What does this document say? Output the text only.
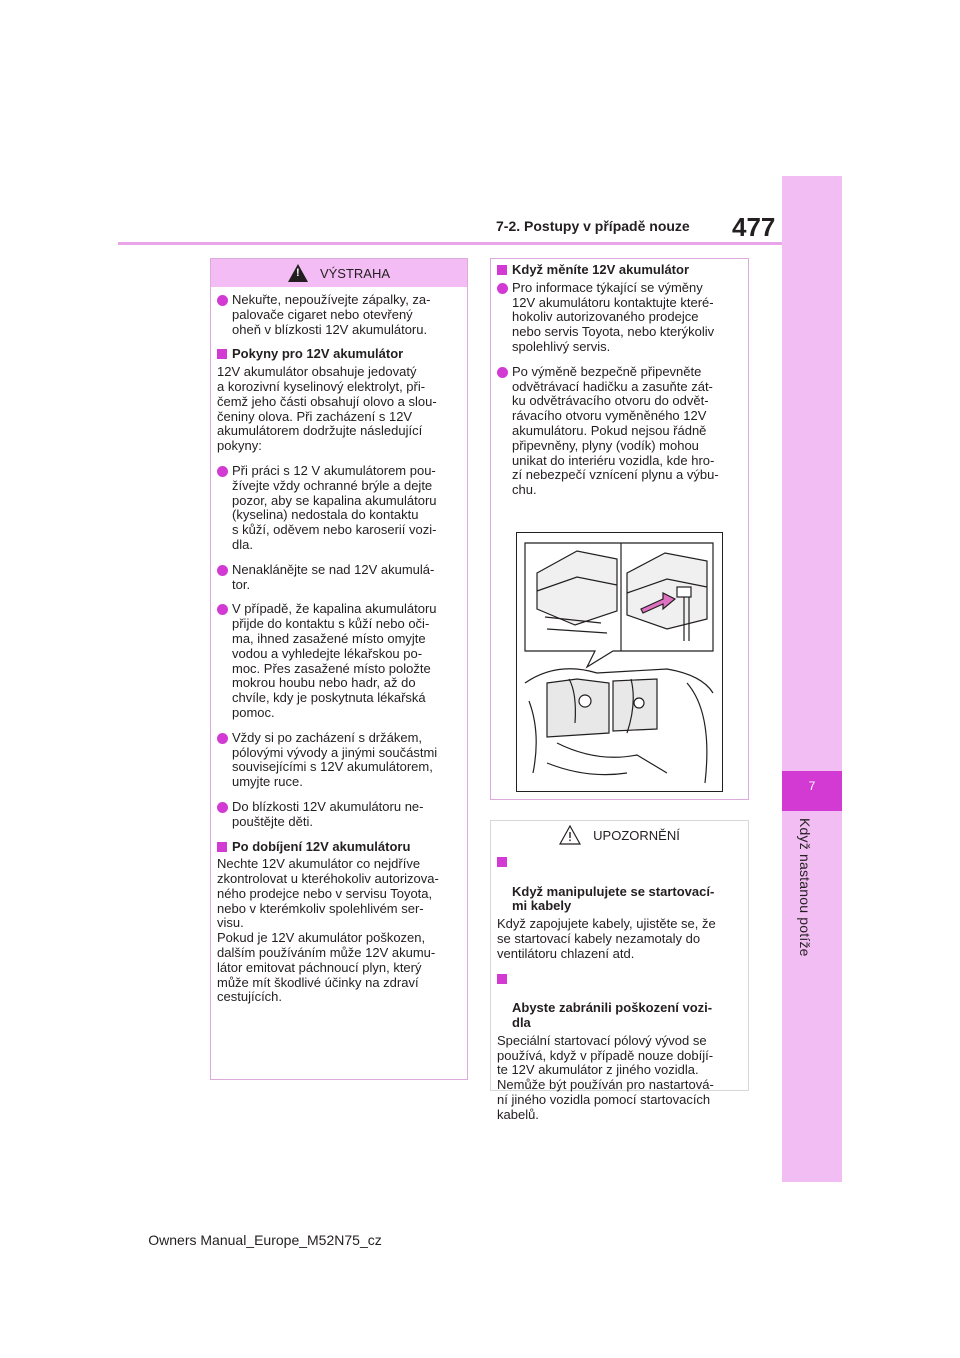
477
7-2. Postupy v případě nouze
7
Když nastanou potíže
!
VÝSTRAHA
Nekuřte, nepoužívejte zápalky, za-
palovače cigaret nebo otevřený
oheň v blízkosti 12V akumulátoru.
Pokyny pro 12V akumulátor
12V akumulátor obsahuje jedovatý
a korozivní kyselinový elektrolyt, při-
čemž jeho části obsahují olovo a slou-
čeniny olova. Při zacházení s 12V
akumulátorem dodržujte následující
pokyny:
Při práci s 12 V akumulátorem pou-
žívejte vždy ochranné brýle a dejte
pozor, aby se kapalina akumulátoru
(kyselina) nedostala do kontaktu
s kůží, oděvem nebo karoserií vozi-
dla.
Nenaklánějte se nad 12V akumulá-
tor.
V případě, že kapalina akumulátoru
přijde do kontaktu s kůží nebo oči-
ma, ihned zasažené místo omyjte
vodou a vyhledejte lékařskou po-
moc. Přes zasažené místo položte
mokrou houbu nebo hadr, až do
chvíle, kdy je poskytnuta lékařská
pomoc.
Vždy si po zacházení s držákem,
pólovými vývody a jinými součástmi
souvisejícími s 12V akumulátorem,
umyjte ruce.
Do blízkosti 12V akumulátoru ne-
pouštějte děti.
Po dobíjení 12V akumulátoru
Nechte 12V akumulátor co nejdříve
zkontrolovat u kteréhokoliv autorizova-
ného prodejce nebo v servisu Toyota,
nebo v kterémkoliv spolehlivém ser-
visu.
Pokud je 12V akumulátor poškozen,
dalším používáním může 12V akumu-
látor emitovat páchnoucí plyn, který
může mít škodlivé účinky na zdraví
cestujících.
Když měníte 12V akumulátor
Pro informace týkající se výměny
12V akumulátoru kontaktujte které-
hokoliv autorizovaného prodejce
nebo servis Toyota, nebo kterýkoliv
spolehlivý servis.
Po výměně bezpečně připevněte
odvětrávací hadičku a zasuňte zát-
ku odvětrávacího otvoru do odvět-
rávacího otvoru vyměněného 12V
akumulátoru. Pokud nejsou řádně
připevněny, plyny (vodík) mohou
unikat do interiéru vozidla, kde hro-
zí nebezpečí vznícení plynu a výbu-
chu.
UPOZORNĚNÍ

Když manipulujete se startovací-
mi kabely

Když zapojujete kabely, ujistěte se, že
se startovací kabely nezamotaly do
ventilátoru chlazení atd.

Abyste zabránili poškození vozi-
dla

Speciální startovací pólový vývod se
používá, když v případě nouze dobíjí-
te 12V akumulátor z jiného vozidla.
Nemůže být používán pro nastartová-
ní jiného vozidla pomocí startovacích
kabelů.
Owners Manual_Europe_M52N75_cz
